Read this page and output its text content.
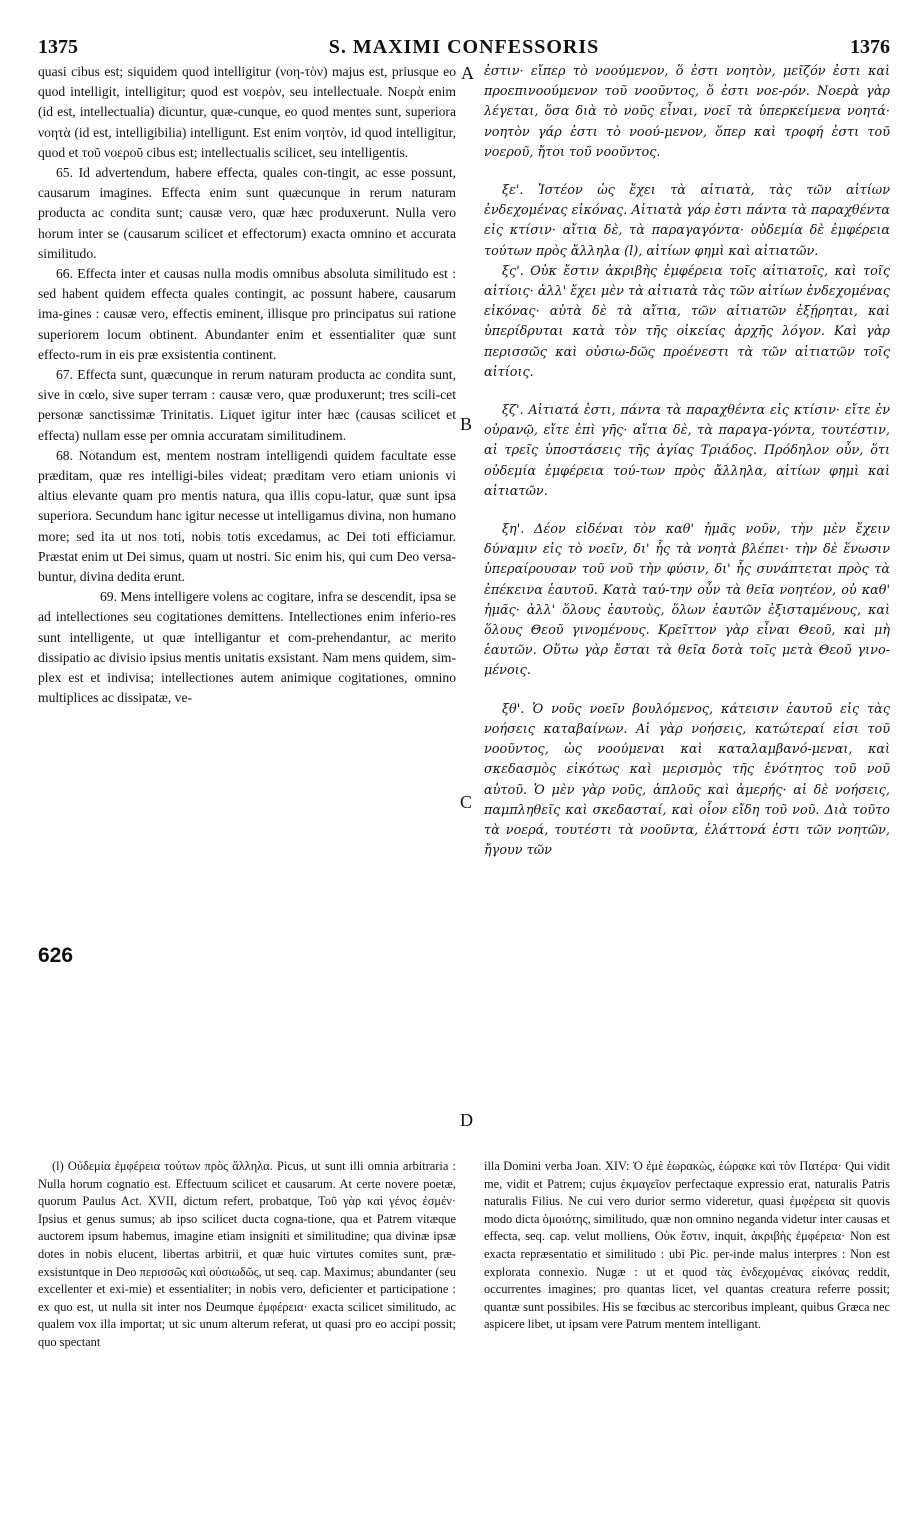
1375	S. MAXIMI CONFESSORIS	1376
A
B
C
D
626

quasi cibus est; siquidem quod intelligitur (νοη-τὸν) majus est, priusque eo quod intelligit, intelligitur; quod est νοερὸν, seu intellectuale. Νοερὰ enim (id est, intellectualia) dicuntur, quæ-cunque, eo quod mentes sunt, superiora νοητὰ (id est, intelligibilia) intelligunt. Est enim νοητὸν, id quod intelligitur, quod et τοῦ νοεροῦ cibus est; intellectualis scilicet, seu intelligentis.

65. Id advertendum, habere effecta, quales con-tingit, ac esse possunt, causarum imagines. Effecta enim sunt quæcunque in rerum naturam producta ac condita sunt; causæ vero, quæ hæc produxerunt. Nulla vero horum inter se (causarum scilicet et effectorum) exacta omnino et accurata similitudo.

66. Effecta inter et causas nulla modis omnibus absoluta similitudo est : sed habent quidem effecta quales contingit, ac possunt habere, causarum ima-gines : causæ vero, effectis eminent, illisque pro principatus sui ratione superiorem locum obtinent. Abundanter enim et essentialiter quæ sunt effecto-rum in eis præ exsistentia continent.

67. Effecta sunt, quæcunque in rerum naturam producta ac condita sunt, sive in cœlo, sive super terram : causæ vero, quæ produxerunt; tres scili-cet personæ sanctissimæ Trinitatis. Liquet igitur inter hæc (causas scilicet et effecta) nullam esse per omnia accuratam similitudinem.

68. Notandum est, mentem nostram intelligendi quidem facultate esse præditam, quæ res intelligi-biles videat; præditam vero etiam unionis vi altius elevante quam pro mentis natura, qua illis copu-latur, quæ sunt ipsa superiora. Secundum hanc igitur necesse ut intelligamus divina, non humano more; sed ita ut nos toti, nobis totis excedamus, ac Dei toti efficiamur. Præstat enim ut Dei simus, quam ut nostri. Sic enim his, qui cum Deo versa-buntur, divina dedita erunt.

69. Mens intelligere volens ac cogitare, infra se descendit, ipsa se ad intellectiones seu cogitationes demittens. Intellectiones enim inferio-res sunt intelligente, ut quæ intelligantur et com-prehendantur, ac merito dissipatio ac divisio ipsius mentis unitatis exsistant. Nam mens quidem, sim-plex est et indivisa; intellectiones autem animique cogitationes, omnino multiplices ac dissipatæ, ve-

ἐστιν· εἴπερ τὸ νοούμενον, ὅ ἐστι νοητὸν, μεῖζόν ἐστι καὶ προεπινοούμενον τοῦ νοοῦντος, ὅ ἐστι νοε-ρόν. Νοερὰ γὰρ λέγεται, ὅσα διὰ τὸ νοῦς εἶναι, νοεῖ τὰ ὑπερκείμενα νοητά· νοητὸν γάρ ἐστι τὸ νοού-μενον, ὅπερ καὶ τροφή ἐστι τοῦ νοεροῦ, ἤτοι τοῦ νοοῦντος.

ξε'. Ἰστέον ὡς ἔχει τὰ αἰτιατὰ, τὰς τῶν αἰτίων ἐνδεχομένας εἰκόνας. Αἰτιατὰ γάρ ἐστι πάντα τὰ παραχθέντα εἰς κτίσιν· αἴτια δὲ, τὰ παραγαγόντα· οὐδεμία δὲ ἐμφέρεια τούτων πρὸς ἄλληλα (l), αἰτίων φημὶ καὶ αἰτιατῶν.

ξς'. Οὐκ ἔστιν ἀκριβὴς ἐμφέρεια τοῖς αἰτιατοῖς, καὶ τοῖς αἰτίοις· ἀλλ' ἔχει μὲν τὰ αἰτιατὰ τὰς τῶν αἰτίων ἐνδεχομένας εἰκόνας· αὐτὰ δὲ τὰ αἴτια, τῶν αἰτιατῶν ἐξῄρηται, καὶ ὑπερίδρυται κατὰ τὸν τῆς οἰκείας ἀρχῆς λόγον. Καὶ γὰρ περισσῶς καὶ οὐσιω-δῶς προένεστι τὰ τῶν αἰτιατῶν τοῖς αἰτίοις.

ξζ'. Αἰτιατά ἐστι, πάντα τὰ παραχθέντα εἰς κτίσιν· εἴτε ἐν οὐρανῷ, εἴτε ἐπὶ γῆς· αἴτια δὲ, τὰ παραγα-γόντα, τουτέστιν, αἱ τρεῖς ὑποστάσεις τῆς ἁγίας Τριάδος. Πρόδηλον οὖν, ὅτι οὐδεμία ἐμφέρεια τού-των πρὸς ἄλληλα, αἰτίων φημὶ καὶ αἰτιατῶν.

ξη'. Δέον εἰδέναι τὸν καθ' ἡμᾶς νοῦν, τὴν μὲν ἔχειν δύναμιν εἰς τὸ νοεῖν, δι' ἧς τὰ νοητὰ βλέπει· τὴν δὲ ἕνωσιν ὑπεραίρουσαν τοῦ νοῦ τὴν φύσιν, δι' ἧς συνάπτεται πρὸς τὰ ἐπέκεινα ἑαυτοῦ. Κατὰ ταύ-την οὖν τὰ θεῖα νοητέον, οὐ καθ' ἡμᾶς· ἀλλ' ὅλους ἑαυτοὺς, ὅλων ἑαυτῶν ἐξισταμένους, καὶ ὅλους Θεοῦ γινομένους. Κρεῖττον γὰρ εἶναι Θεοῦ, καὶ μὴ ἑαυτῶν. Οὕτω γὰρ ἔσται τὰ θεῖα δοτὰ τοῖς μετὰ Θεοῦ γινο-μένοις.

ξθ'. Ὁ νοῦς νοεῖν βουλόμενος, κάτεισιν ἑαυτοῦ εἰς τὰς νοήσεις καταβαίνων. Αἱ γὰρ νοήσεις, κατώτεραί εἰσι τοῦ νοοῦντος, ὡς νοούμεναι καὶ καταλαμβανό-μεναι, καὶ σκεδασμὸς εἰκότως καὶ μερισμὸς τῆς ἑνότητος τοῦ νοῦ αὐτοῦ. Ὁ μὲν γὰρ νοῦς, ἁπλοῦς καὶ ἀμερής· αἱ δὲ νοήσεις, παμπληθεῖς καὶ σκεδασταί, καὶ οἷον εἴδη τοῦ νοῦ. Διὰ τοῦτο τὰ νοερά, τουτέστι τὰ νοοῦντα, ἐλάττονά ἐστι τῶν νοητῶν, ἤγουν τῶν

(l) Οὐδεμία ἐμφέρεια τούτων πρὸς ἄλληλα. Picus, ut sunt illi omnia arbitraria : Nulla horum cognatio est. Effectuum scilicet et causarum. At certe novere poetæ, quorum Paulus Act. XVII, dictum refert, probatque, Τοῦ γὰρ καὶ γένος ἐσμέν· Ipsius et genus sumus; ab ipso scilicet ducta cogna-tione, qua et Patrem vitæque auctorem ipsum habemus, imagine etiam insigniti et similitudine; qua divinæ ipsæ dotes in nobis elucent, libertas arbitrii, et quæ huic virtutes comites sunt, præ-exsistuntque in Deo περισσῶς καὶ οὐσιωδῶς, ut seq. cap. Maximus; abundanter (seu excellenter et exi-mie) et essentialiter; in nobis vero, deficienter et participatione : ex quo est, ut nulla sit inter nos Deumque ἐμφέρεια· exacta scilicet similitudo, ac qualem vox illa importat; ut sic unum alterum referat, ut quasi pro eo accipi possit; quo spectant

illa Domini verba Joan. XIV: Ὁ ἐμὲ ἑωρακὼς, ἑώρακε καὶ τὸν Πατέρα· Qui vidit me, vidit et Patrem; cujus ἐκμαγεῖον perfectaque expressio erat, naturalis Patris naturalis Filius. Ne cui vero durior sermo videretur, quasi ἐμφέρεια sit quovis modo dicta ὁμοιότης, similitudo, quæ non omnino neganda videtur inter causas et effecta, seq. cap. velut molliens, Οὐκ ἔστιν, inquit, ἀκριβὴς ἐμφέρεια· Non est exacta repræsentatio et similitudo : ubi Pic. per-inde malus interpres : Non est explorata connexio. Nugæ : ut et quod τὰς ἐνδεχομένας εἰκόνας reddit, occurrentes imagines; pro quantas licet, vel quantas creatura referre possit; quantæ sunt possibiles. His se fœcibus ac stercoribus impleant, quibus Græca nec aspicere libet, ut ipsam vere Patrum mentem intelligant.
